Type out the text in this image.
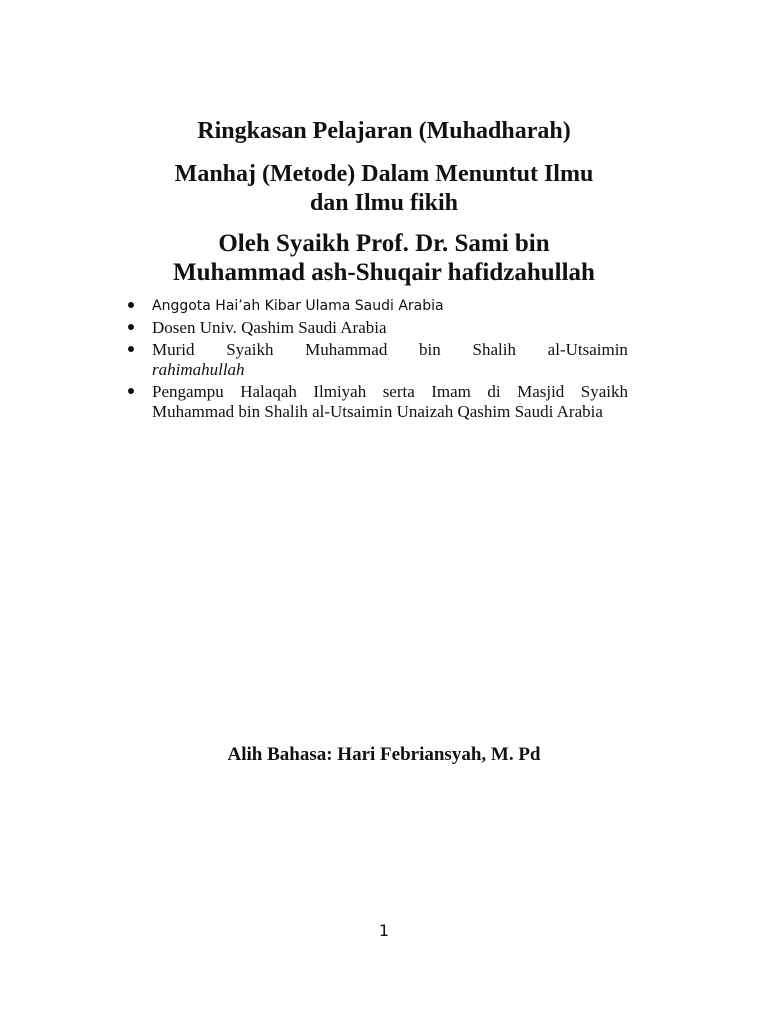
Ringkasan Pelajaran (Muhadharah)
Manhaj (Metode) Dalam Menuntut Ilmu
dan Ilmu fikih
Oleh Syaikh Prof. Dr. Sami bin
Muhammad ash-Shuqair hafidzahullah
Anggota Hai’ah Kibar Ulama Saudi Arabia
Dosen Univ. Qashim Saudi Arabia
Murid Syaikh Muhammad bin Shalih al-Utsaimin
rahimahullah
Pengampu Halaqah Ilmiyah serta Imam di Masjid Syaikh Muhammad bin Shalih al-Utsaimin Unaizah Qashim Saudi Arabia

Alih Bahasa: Hari Febriansyah, M. Pd

1
